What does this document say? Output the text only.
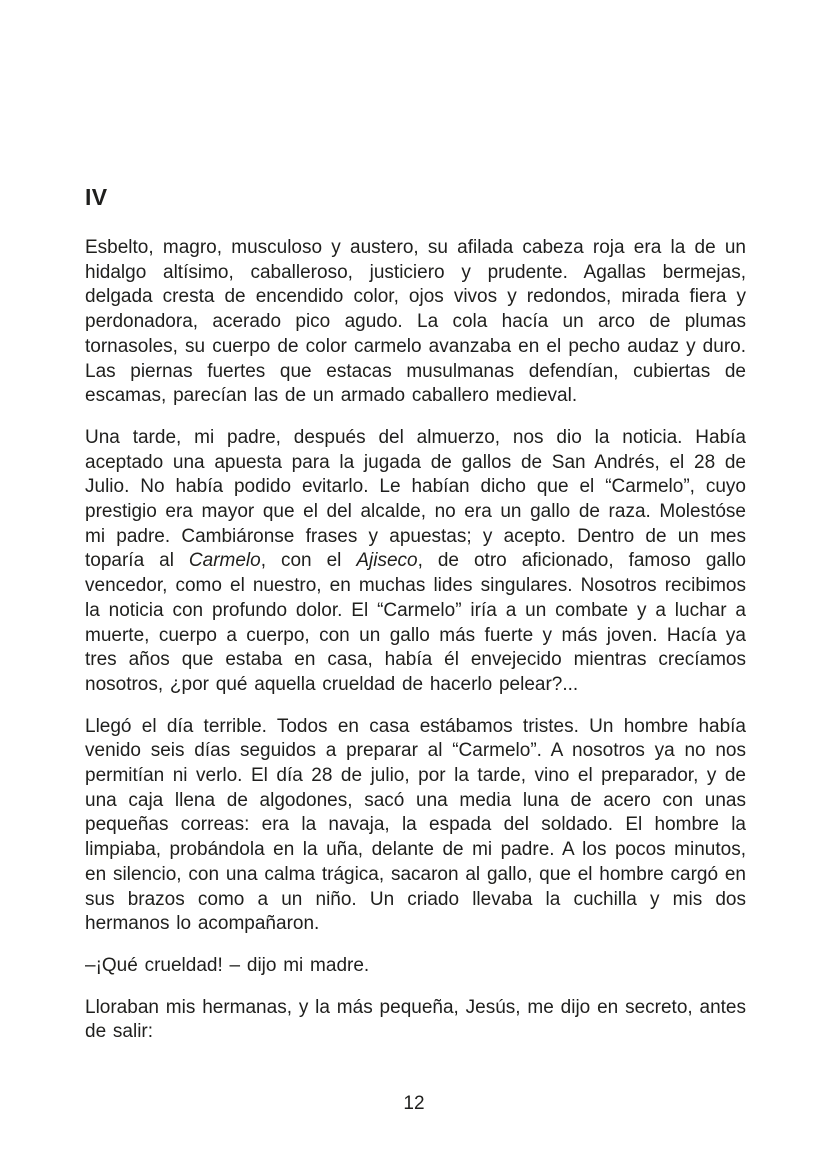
IV

Esbelto, magro, musculoso y austero, su afilada cabeza roja era la de un hidalgo altísimo, caballeroso, justiciero y prudente. Agallas bermejas, delgada cresta de encendido color, ojos vivos y redondos, mirada fiera y perdonadora, acerado pico agudo. La cola hacía un arco de plumas tornasoles, su cuerpo de color carmelo avanzaba en el pecho audaz y duro. Las piernas fuertes que estacas musulmanas defendían, cubiertas de escamas, parecían las de un armado caballero medieval.

Una tarde, mi padre, después del almuerzo, nos dio la noticia. Había aceptado una apuesta para la jugada de gallos de San Andrés, el 28 de Julio. No había podido evitarlo. Le habían dicho que el “Carmelo”, cuyo prestigio era mayor que el del alcalde, no era un gallo de raza. Molestóse mi padre. Cambiáronse frases y apuestas; y acepto. Dentro de un mes toparía al Carmelo, con el Ajiseco, de otro aficionado, famoso gallo vencedor, como el nuestro, en muchas lides singulares. Nosotros recibimos la noticia con profundo dolor. El “Carmelo” iría a un combate y a luchar a muerte, cuerpo a cuerpo, con un gallo más fuerte y más joven. Hacía ya tres años que estaba en casa, había él envejecido mientras crecíamos nosotros, ¿por qué aquella crueldad de hacerlo pelear?...

Llegó el día terrible. Todos en casa estábamos tristes. Un hombre había venido seis días seguidos a preparar al “Carmelo”. A nosotros ya no nos permitían ni verlo. El día 28 de julio, por la tarde, vino el preparador, y de una caja llena de algodones, sacó una media luna de acero con unas pequeñas correas: era la navaja, la espada del soldado. El hombre la limpiaba, probándola en la uña, delante de mi padre. A los pocos minutos, en silencio, con una calma trágica, sacaron al gallo, que el hombre cargó en sus brazos como a un niño. Un criado llevaba la cuchilla y mis dos hermanos lo acompañaron.

–¡Qué crueldad! – dijo mi madre.

Lloraban mis hermanas, y la más pequeña, Jesús, me dijo en secreto, antes de salir:

12
